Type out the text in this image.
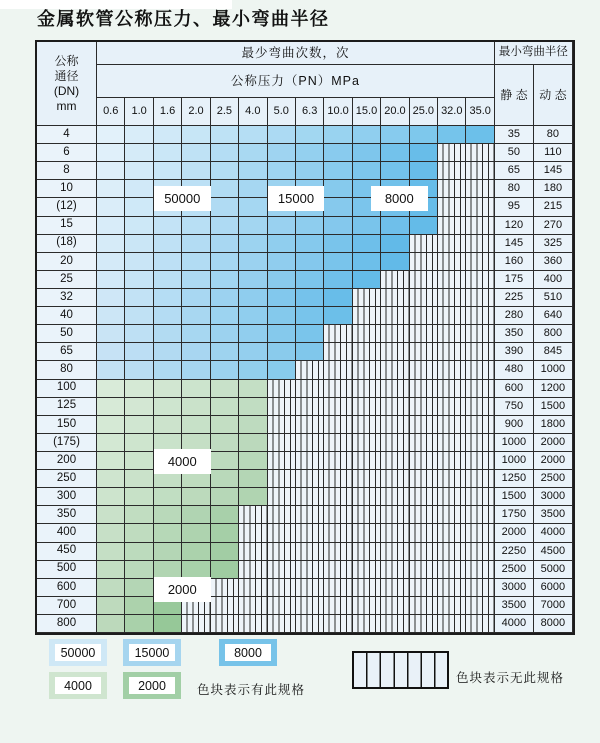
金属软管公称压力、最小弯曲半径
公称
通径
(DN)
mm
最少弯曲次数，次	最小弯曲半径
公称压力（PN）MPa
静 态 动 态
0.6	1.0	1.6	2.0	2.5	4.0	5.0	6.3 10.0 15.0 20.0 25.0 32.0 35.0
4	35	80
6	50	110
8	65	145
10	80	180
(12)	95	215
15	120	270
(18)	145	325
20	160	360
25	175	400
32	225	510
40	280	640
50	350	800
65	390	845
80	480	1000
100	600	1200
125	750	1500
150	900	1800
(175)	1000	2000
200	1000	2000
250	1250	2500
300	1500	3000
350	1750	3500
400	2000	4000
450	2250	4500
500	2500	5000
600	3000	6000
700	3500	7000
800	4000	8000
50000	15000	8000
4000
2000
色块表示有此规格
色块表示无此规格
50000	15000	8000
4000	2000
